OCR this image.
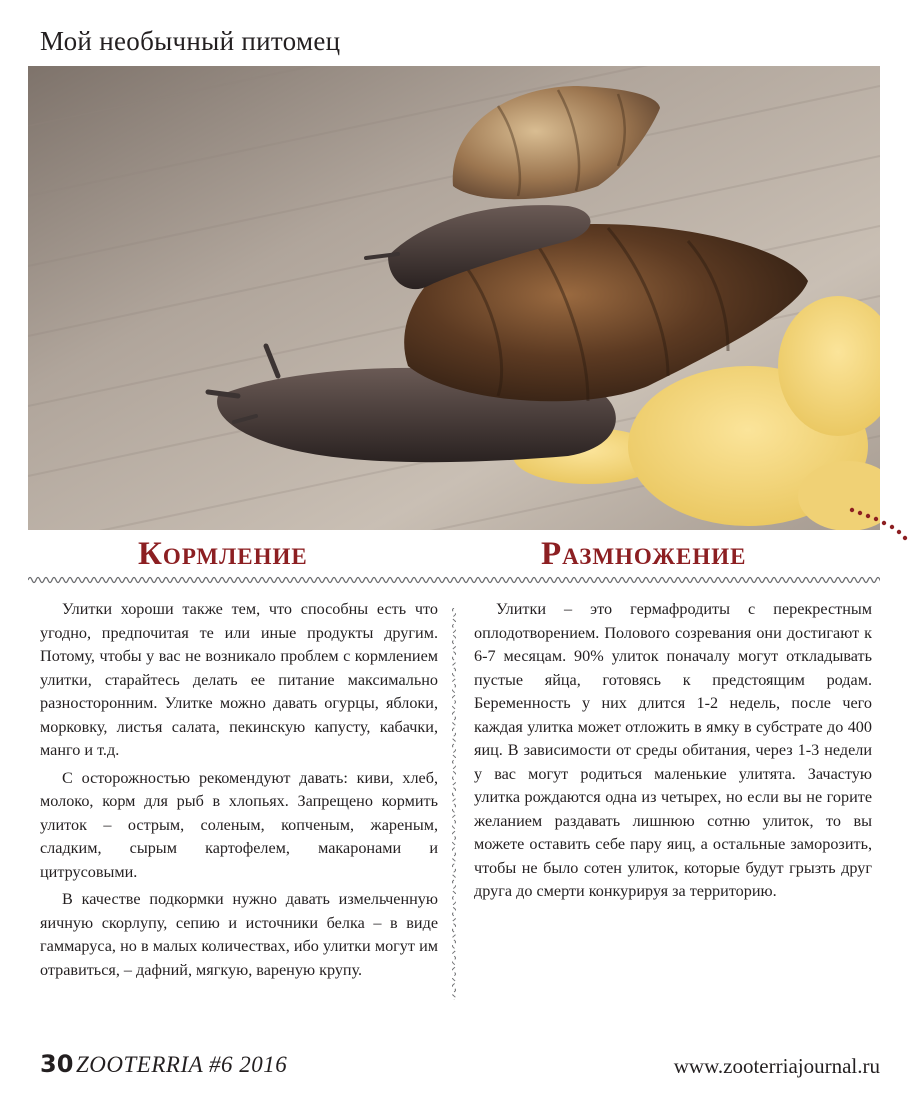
Мой необычный питомец
Кормление	Размножение

Улитки хороши также тем, что способны есть что угодно, предпочитая те или иные продукты другим. Потому, чтобы у вас не возникало проблем с кормлением улитки, старайтесь делать ее питание максимально разносторонним. Улитке можно давать огурцы, яблоки, морковку, листья салата, пекинскую капусту, кабачки, манго и т.д.

С осторожностью рекомендуют давать: киви, хлеб, молоко, корм для рыб в хлопьях. Запрещено кормить улиток – острым, соленым, копченым, жареным, сладким, сырым картофелем, макаронами и цитрусовыми.

В качестве подкормки нужно давать измельченную яичную скорлупу, сепию и источники белка – в виде гаммаруса, но в малых количествах, ибо улитки могут им отравиться, – дафний, мягкую, вареную крупу.

Улитки – это гермафродиты с перекрестным оплодотворением. Полового созревания они достигают к 6-7 месяцам. 90% улиток поначалу могут откладывать пустые яйца, готовясь к предстоящим родам. Беременность у них длится 1-2 недель, после чего каждая улитка может отложить в ямку в субстрате до 400 яиц. В зависимости от среды обитания, через 1-3 недели у вас могут родиться маленькие улитята. Зачастую улитка рождаются одна из четырех, но если вы не горите желанием раздавать лишнюю сотню улиток, то вы можете оставить себе пару яиц, а остальные заморозить, чтобы не было сотен улиток, которые будут грызть друг друга до смерти конкурируя за территорию.

30 ZOOTERRIA #6 2016	www.zooterriajournal.ru
